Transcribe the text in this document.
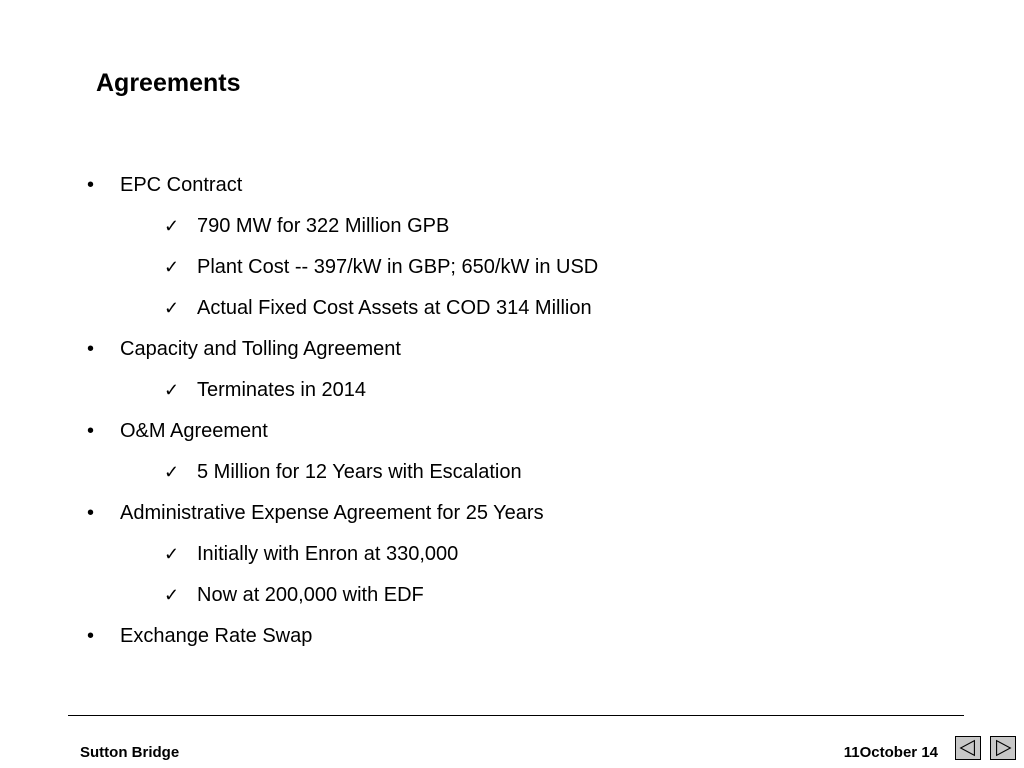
Agreements
• EPC Contract
✓ 790 MW for 322 Million GPB
✓ Plant Cost -- 397/kW in GBP; 650/kW in USD
✓ Actual Fixed Cost Assets at COD 314 Million
• Capacity and Tolling Agreement
✓ Terminates in 2014
• O&M Agreement
✓ 5 Million for 12 Years with Escalation
• Administrative Expense Agreement for 25 Years
✓ Initially with Enron at 330,000
✓ Now at 200,000 with EDF
• Exchange Rate Swap
Sutton Bridge	11October 14
